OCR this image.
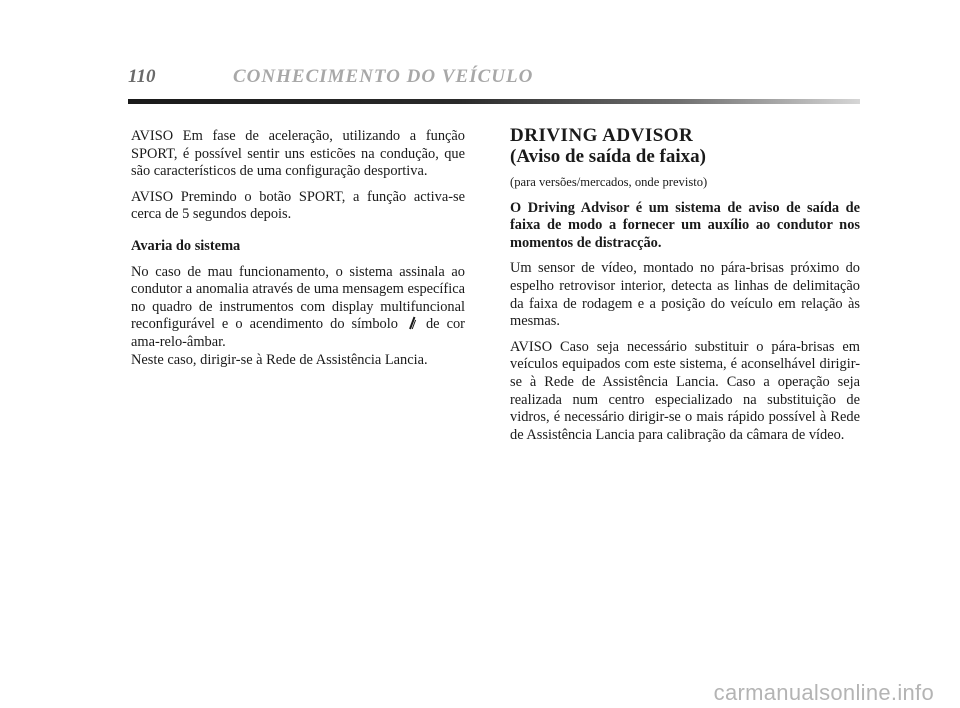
110	CONHECIMENTO DO VEÍCULO

AVISO Em fase de aceleração, utilizando a função SPORT, é possível sentir uns esticões na condução, que são característicos de uma configuração desportiva.

AVISO Premindo o botão SPORT, a função activa-se cerca de 5 segundos depois.

Avaria do sistema

No caso de mau funcionamento, o sistema assinala ao condutor a anomalia através de uma mensagem específica no quadro de instrumentos com display multifuncional reconfigurável e o acendimento do símbolo de cor ama-relo-âmbar.

Neste caso, dirigir-se à Rede de Assistência Lancia.

DRIVING ADVISOR
(Aviso de saída de faixa)

(para versões/mercados, onde previsto)

O Driving Advisor é um sistema de aviso de saída de faixa de modo a fornecer um auxílio ao condutor nos momentos de distracção.

Um sensor de vídeo, montado no pára-brisas próximo do espelho retrovisor interior, detecta as linhas de delimitação da faixa de rodagem e a posição do veículo em relação às mesmas.

AVISO Caso seja necessário substituir o pára-brisas em veículos equipados com este sistema, é aconselhável dirigir-se à Rede de Assistência Lancia. Caso a operação seja realizada num centro especializado na substituição de vidros, é necessário dirigir-se o mais rápido possível à Rede de Assistência Lancia para calibração da câmara de vídeo.

carmanualsonline.info
